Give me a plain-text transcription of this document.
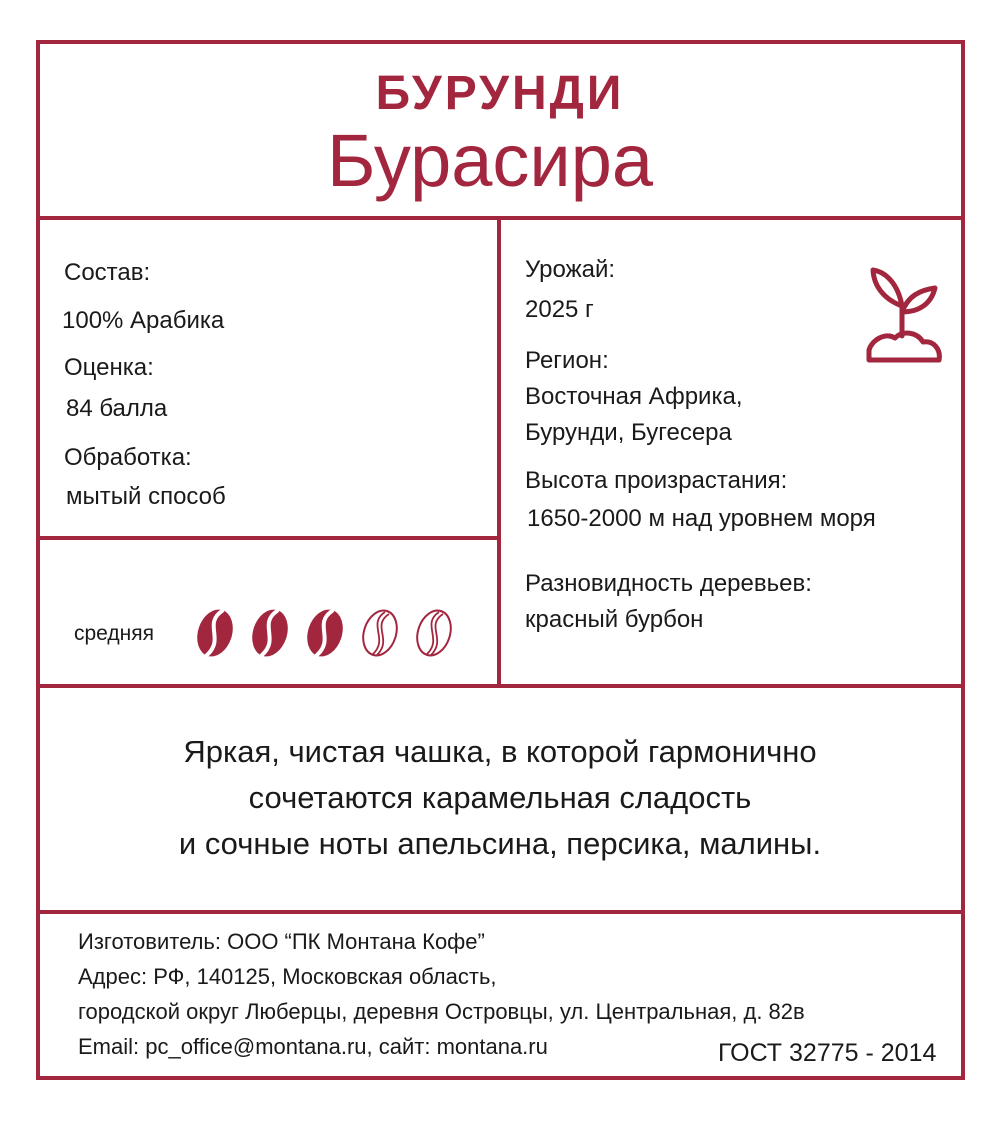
БУРУНДИ
Бурасира
Состав:
100% Арабика
Оценка:
84 балла
Обработка:
мытый способ
средняя
Урожай:
2025 г
Регион:
Восточная Африка,
Бурунди, Бугесера
Высота произрастания:
1650-2000 м над уровнем моря
Разновидность деревьев:
красный бурбон
Яркая, чистая чашка, в которой гармонично
сочетаются карамельная сладость
и сочные ноты апельсина, персика, малины.
Изготовитель: ООО “ПК Монтана Кофе”
Адрес: РФ, 140125, Московская область,
городской округ Люберцы, деревня Островцы, ул. Центральная, д. 82в
Email: pc_office@montana.ru, сайт: montana.ru	ГОСТ 32775 - 2014
